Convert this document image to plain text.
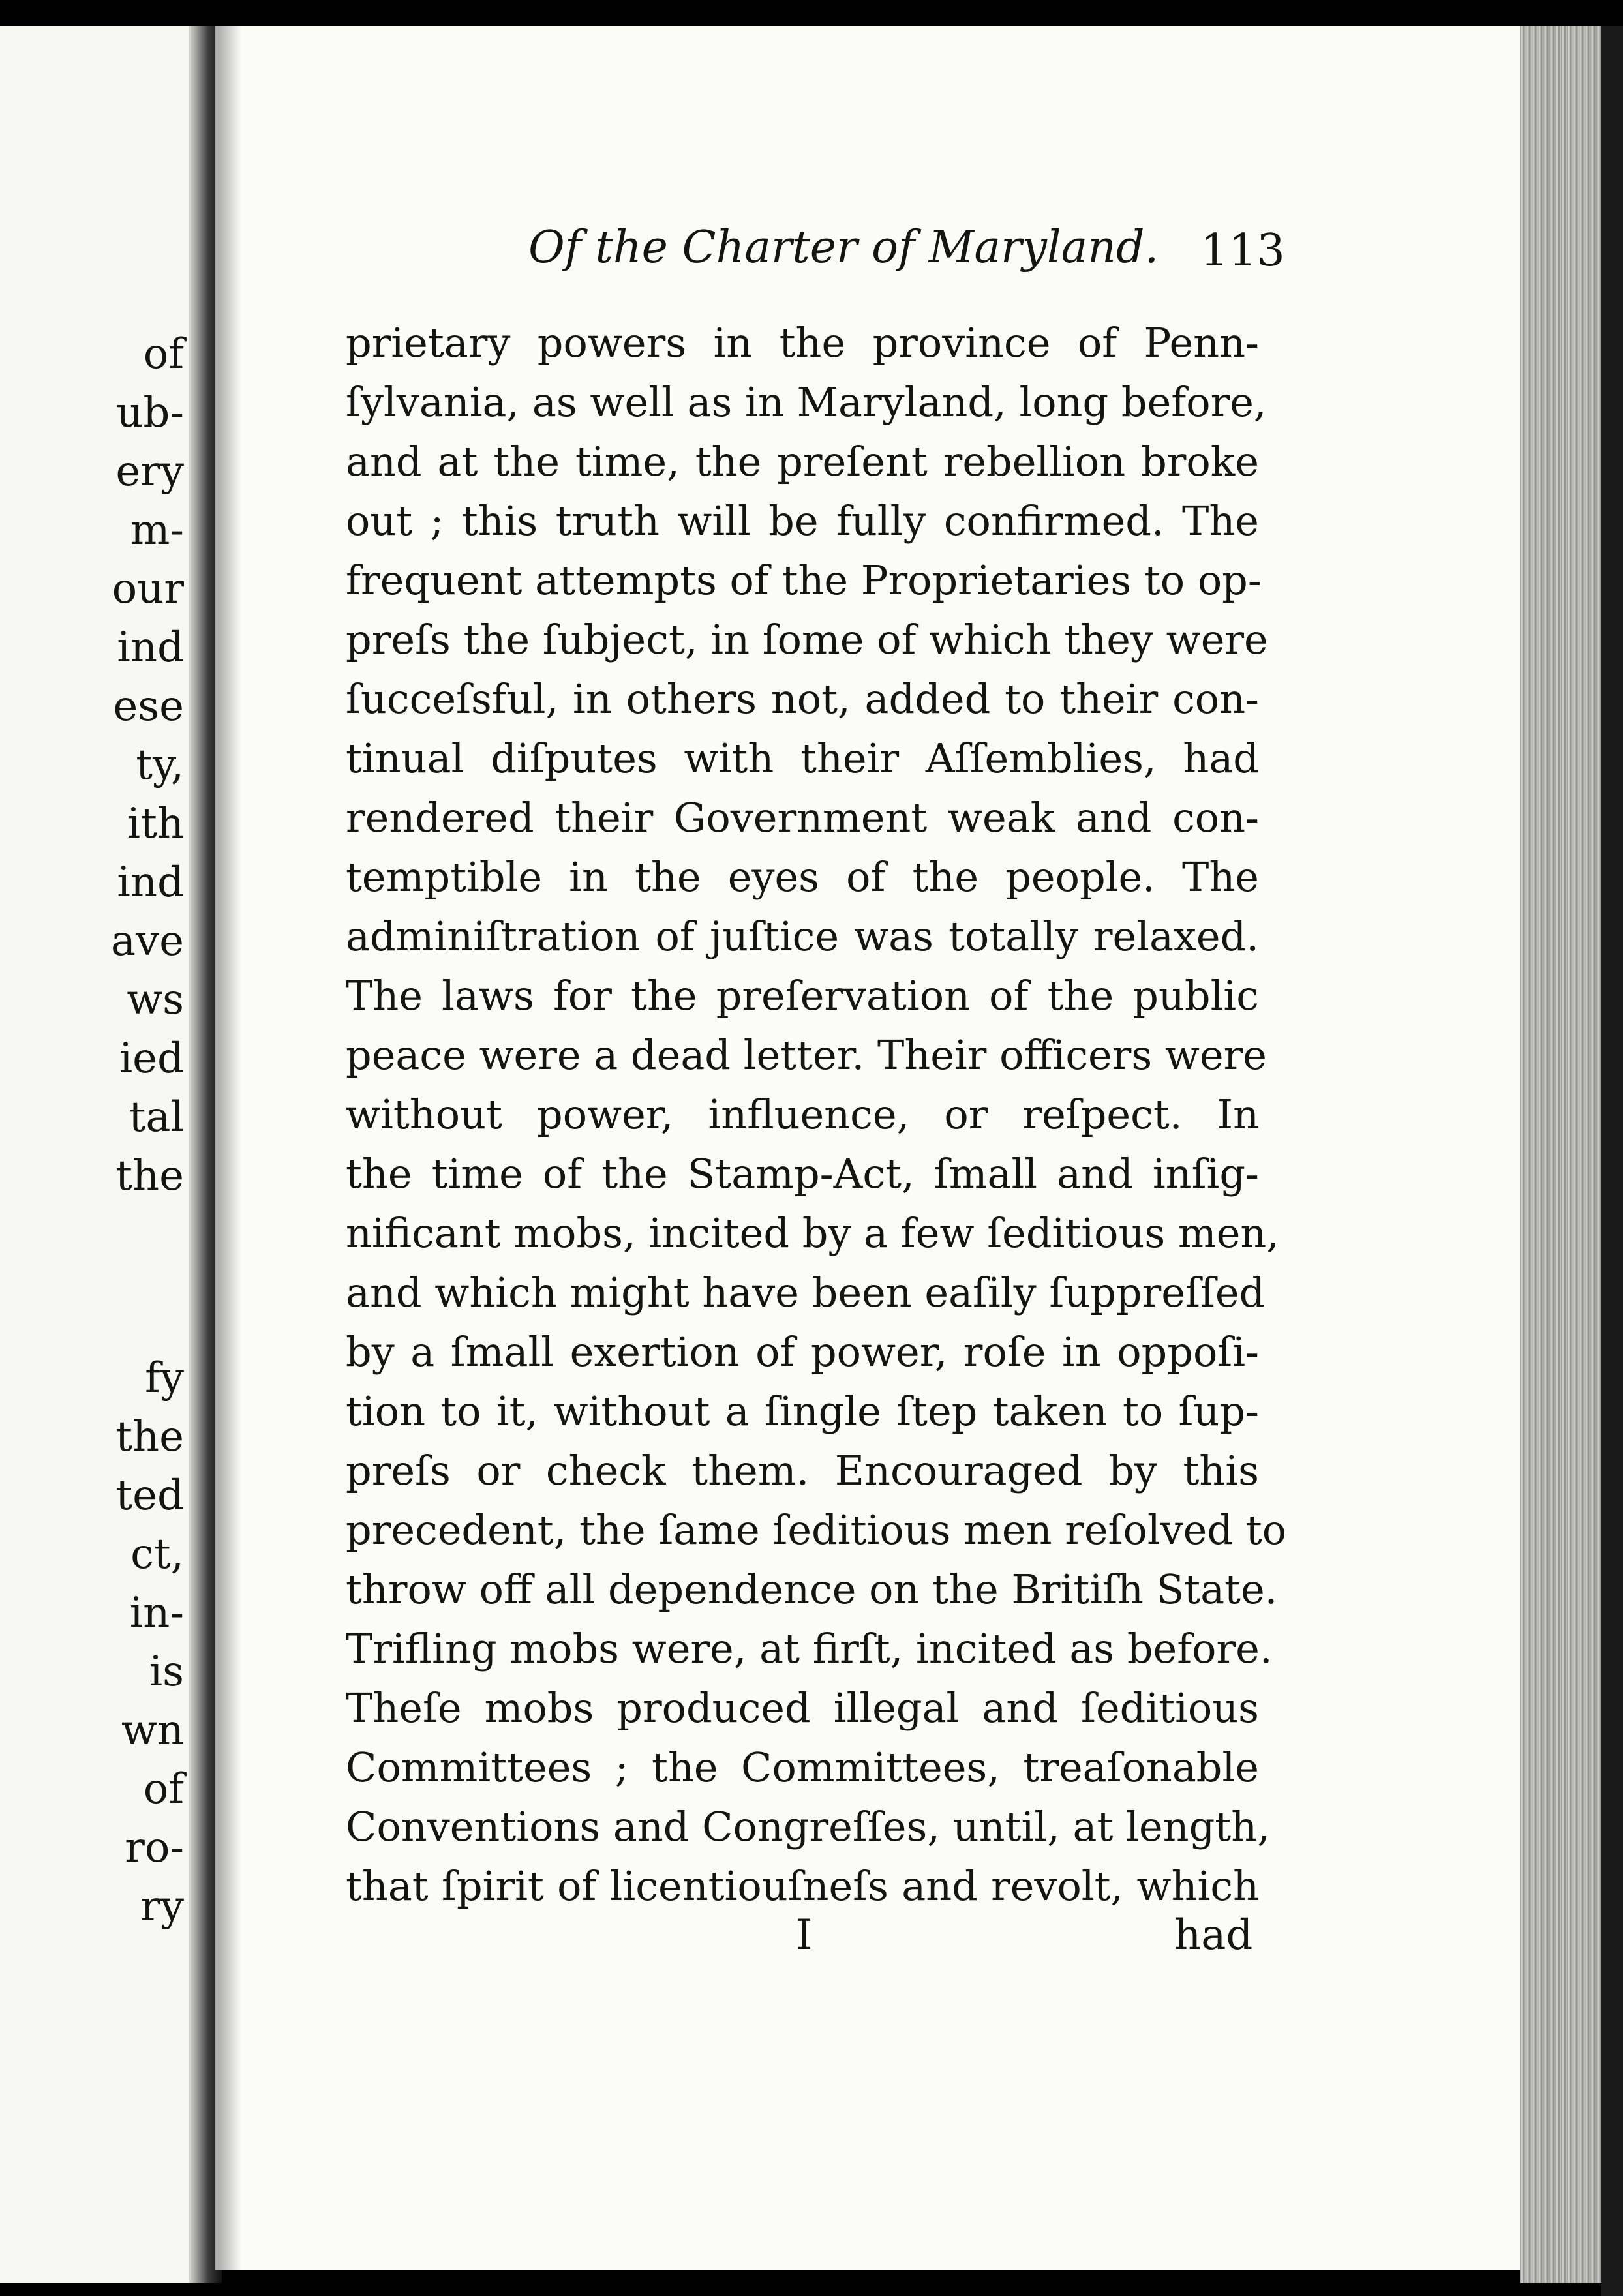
of
ub-
ery
m-
our
ind
ese
ty,
ith
ind
ave
ws
ied
tal
the
fy
the
ted
ct,
in-
is
wn
of
ro-
ry
Of the Charter of Maryland. 113
prietary powers in the province of Penn-
ſylvania, as well as in Maryland, long before,
and at the time, the preſent rebellion broke
out ; this truth will be fully confirmed. The
frequent attempts of the Proprietaries to op-
preſs the ſubject, in ſome of which they were
ſucceſsful, in others not, added to their con-
tinual diſputes with their Aſſemblies, had
rendered their Government weak and con-
temptible in the eyes of the people. The
adminiſtration of juſtice was totally relaxed.
The laws for the preſervation of the public
peace were a dead letter. Their officers were
without power, influence, or reſpect. In
the time of the Stamp-Act, ſmall and inſig-
nificant mobs, incited by a few ſeditious men,
and which might have been eaſily ſuppreſſed
by a ſmall exertion of power, roſe in oppoſi-
tion to it, without a ſingle ſtep taken to ſup-
preſs or check them. Encouraged by this
precedent, the ſame ſeditious men reſolved to
throw off all dependence on the Britiſh State.
Trifling mobs were, at firſt, incited as before.
Theſe mobs produced illegal and ſeditious
Committees ; the Committees, treaſonable
Conventions and Congreſſes, until, at length,
that ſpirit of licentiouſneſs and revolt, which
I	had
